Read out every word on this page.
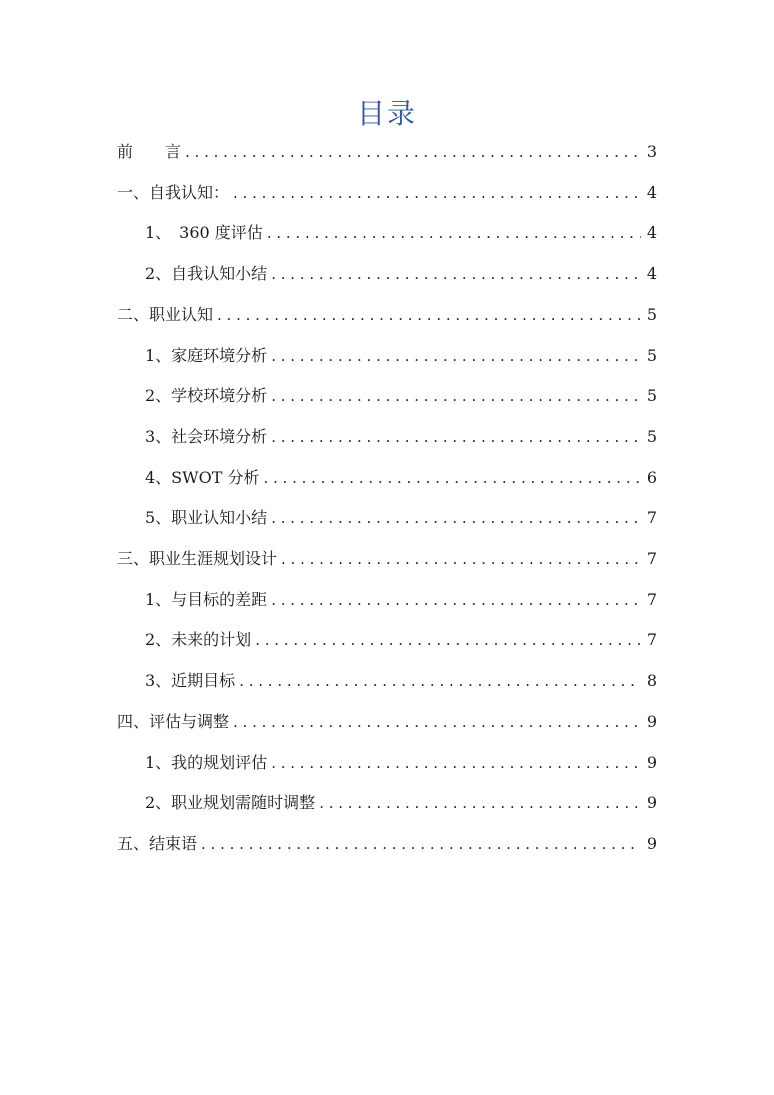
目录
前　　言 . . .	3
一、自我认知： . . .	4
1、　360 度评估 . . .	4
2、自我认知小结 . . .	4
二、职业认知 . . .	5
1、家庭环境分析 . . .	5
2、学校环境分析 . . .	5
3、社会环境分析 . . .	5
4、SWOT 分析 . . .	6
5、职业认知小结 . . .	7
三、职业生涯规划设计 . . .	7
1、与目标的差距 . . .	7
2、未来的计划 . . .	7
3、近期目标 . . .	8
四、评估与调整 . . .	9
1、我的规划评估 . . .	9
2、职业规划需随时调整 . . .	9
五、结束语 . . .	9
